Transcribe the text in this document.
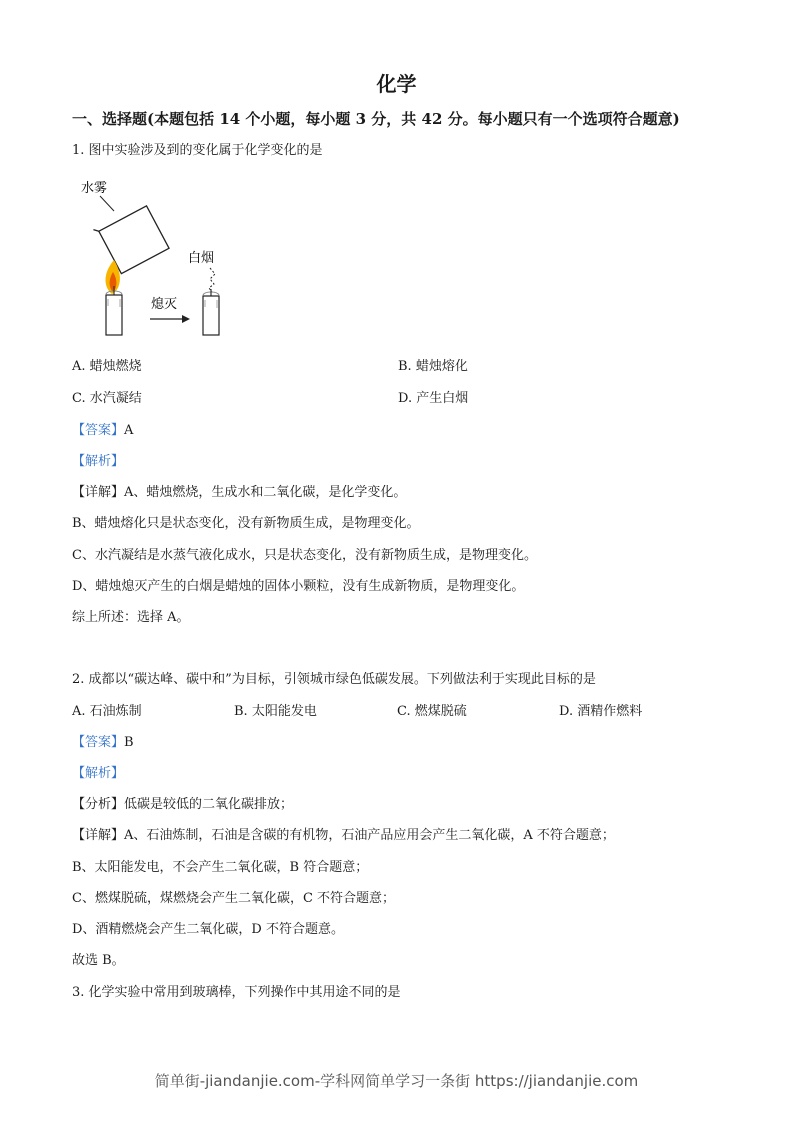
化学
一、选择题(本题包括 14 个小题，每小题 3 分，共 42 分。每小题只有一个选项符合题意)
1. 图中实验涉及到的变化属于化学变化的是
水雾
熄灭
白烟
A. 蜡烛燃烧	B. 蜡烛熔化
C. 水汽凝结	D. 产生白烟
【答案】A
【解析】
【详解】A、蜡烛燃烧，生成水和二氧化碳，是化学变化。
B、蜡烛熔化只是状态变化，没有新物质生成，是物理变化。
C、水汽凝结是水蒸气液化成水，只是状态变化，没有新物质生成，是物理变化。
D、蜡烛熄灭产生的白烟是蜡烛的固体小颗粒，没有生成新物质，是物理变化。
综上所述：选择 A。
2. 成都以“碳达峰、碳中和”为目标，引领城市绿色低碳发展。下列做法利于实现此目标的是
A. 石油炼制	B. 太阳能发电	C. 燃煤脱硫	D. 酒精作燃料
【答案】B
【解析】
【分析】低碳是较低的二氧化碳排放；
【详解】A、石油炼制，石油是含碳的有机物，石油产品应用会产生二氧化碳，A 不符合题意；
B、太阳能发电，不会产生二氧化碳，B 符合题意；
C、燃煤脱硫，煤燃烧会产生二氧化碳，C 不符合题意；
D、酒精燃烧会产生二氧化碳，D 不符合题意。
故选 B。
3. 化学实验中常用到玻璃棒，下列操作中其用途不同的是
简单街-jiandanjie.com-学科网简单学习一条街 https://jiandanjie.com
